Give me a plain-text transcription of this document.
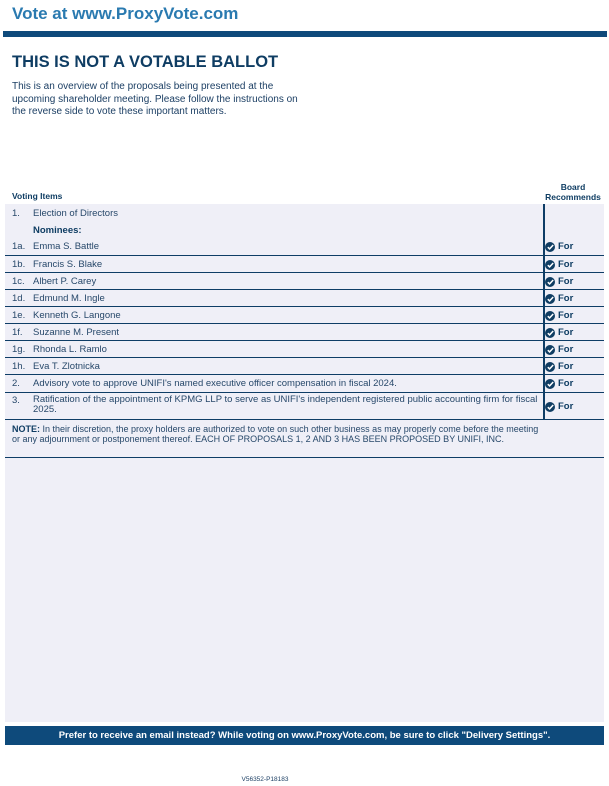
Vote at www.ProxyVote.com
THIS IS NOT A VOTABLE BALLOT
This is an overview of the proposals being presented at the upcoming shareholder meeting. Please follow the instructions on the reverse side to vote these important matters.
Voting Items
Board
Recommends
1. Election of Directors
Nominees:
1a. Emma S. Battle	For
1b. Francis S. Blake	For
1c. Albert P. Carey	For
1d. Edmund M. Ingle	For
1e. Kenneth G. Langone	For
1f. Suzanne M. Present	For
1g. Rhonda L. Ramlo	For
1h. Eva T. Zlotnicka	For
2. Advisory vote to approve UNIFI's named executive officer compensation in fiscal 2024.	For
3. Ratification of the appointment of KPMG LLP to serve as UNIFI's independent registered public accounting firm for fiscal 2025.	For
NOTE: In their discretion, the proxy holders are authorized to vote on such other business as may properly come before the meeting or any adjournment or postponement thereof. EACH OF PROPOSALS 1, 2 AND 3 HAS BEEN PROPOSED BY UNIFI, INC.
Prefer to receive an email instead? While voting on www.ProxyVote.com, be sure to click "Delivery Settings".
V56352-P18183
